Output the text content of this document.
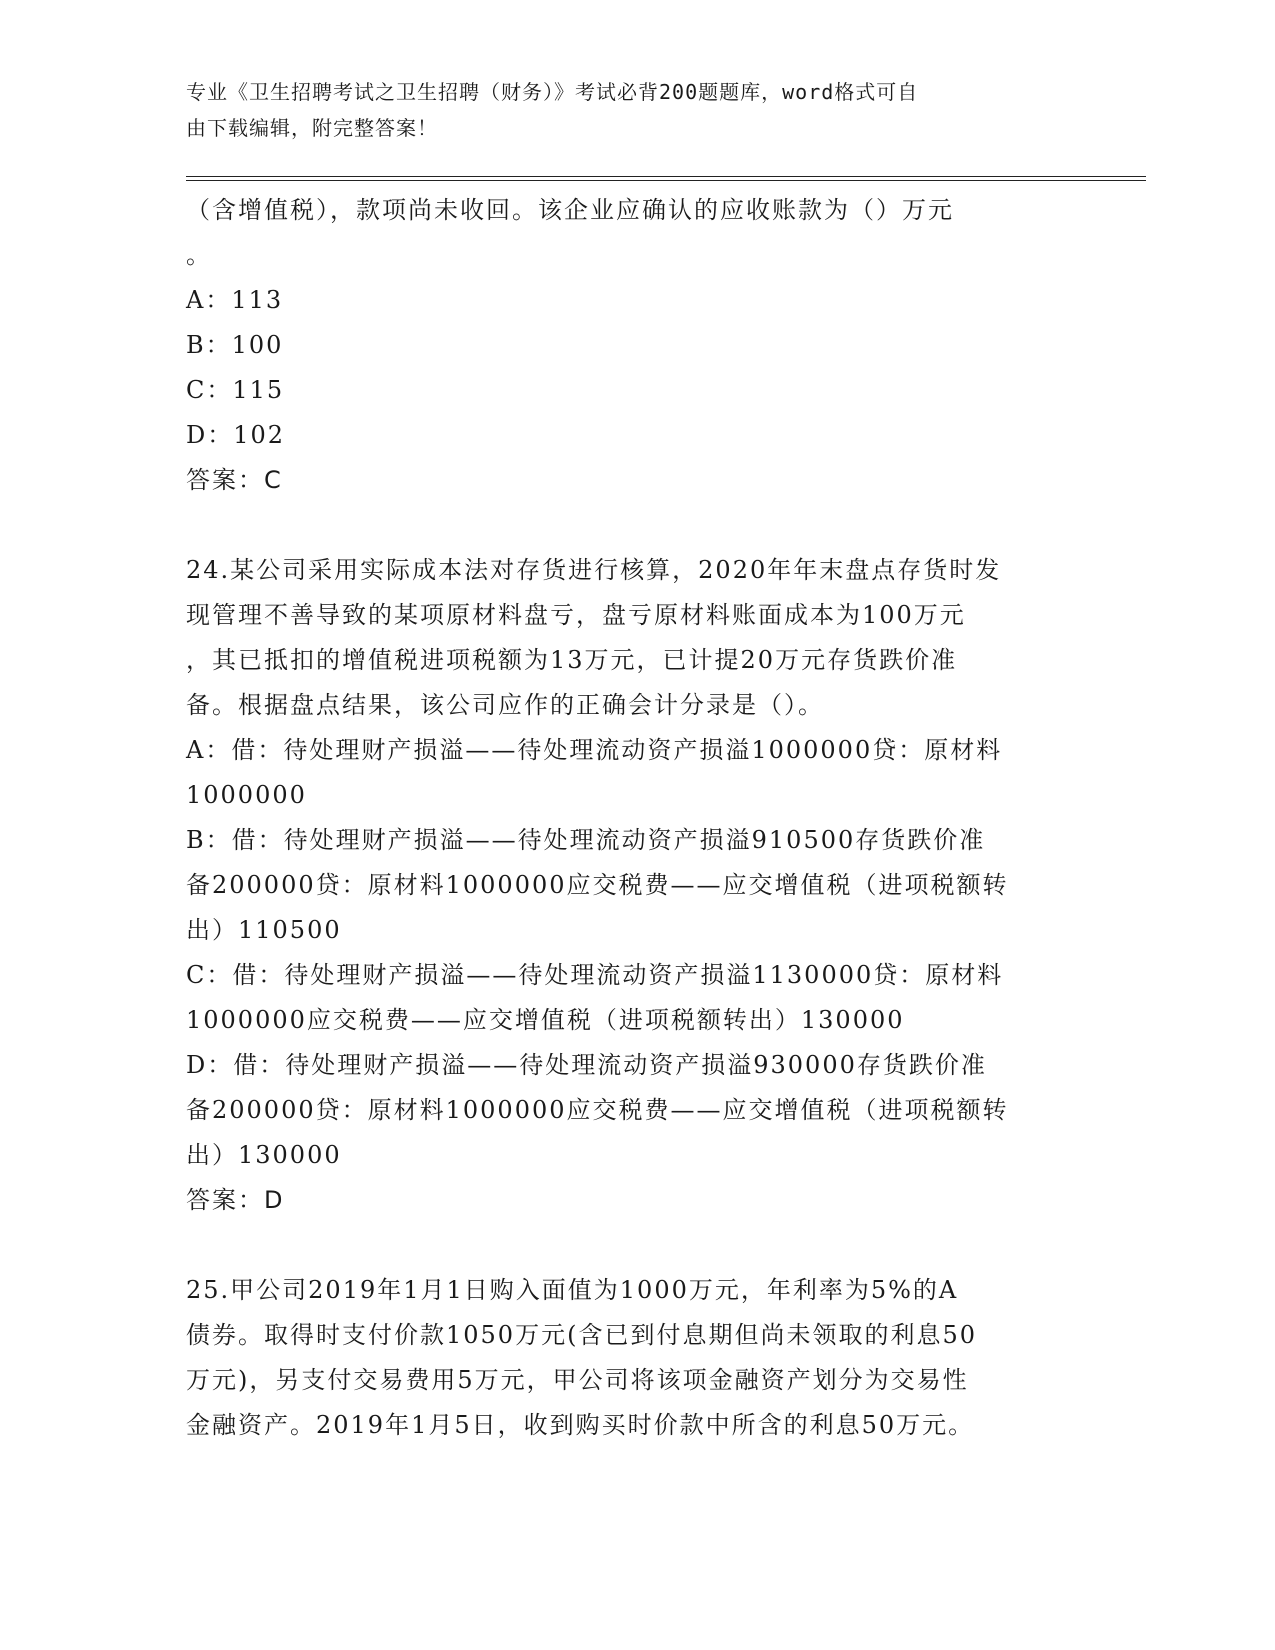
专业《卫生招聘考试之卫生招聘（财务）》考试必背200题题库，word格式可自
由下载编辑，附完整答案！
（含增值税），款项尚未收回。该企业应确认的应收账款为（）万元
。
A：113
B：100
C：115
D：102
答案：C
24.某公司采用实际成本法对存货进行核算，2020年年末盘点存货时发
现管理不善导致的某项原材料盘亏，盘亏原材料账面成本为100万元
，其已抵扣的增值税进项税额为13万元，已计提20万元存货跌价准
备。根据盘点结果，该公司应作的正确会计分录是（）。
A：借：待处理财产损溢——待处理流动资产损溢1000000贷：原材料
1000000
B：借：待处理财产损溢——待处理流动资产损溢910500存货跌价准
备200000贷：原材料1000000应交税费——应交增值税（进项税额转
出）110500
C：借：待处理财产损溢——待处理流动资产损溢1130000贷：原材料
1000000应交税费——应交增值税（进项税额转出）130000
D：借：待处理财产损溢——待处理流动资产损溢930000存货跌价准
备200000贷：原材料1000000应交税费——应交增值税（进项税额转
出）130000
答案：D
25.甲公司2019年1月1日购入面值为1000万元，年利率为5%的A
债券。取得时支付价款1050万元(含已到付息期但尚未领取的利息50
万元)，另支付交易费用5万元，甲公司将该项金融资产划分为交易性
金融资产。2019年1月5日，收到购买时价款中所含的利息50万元。
